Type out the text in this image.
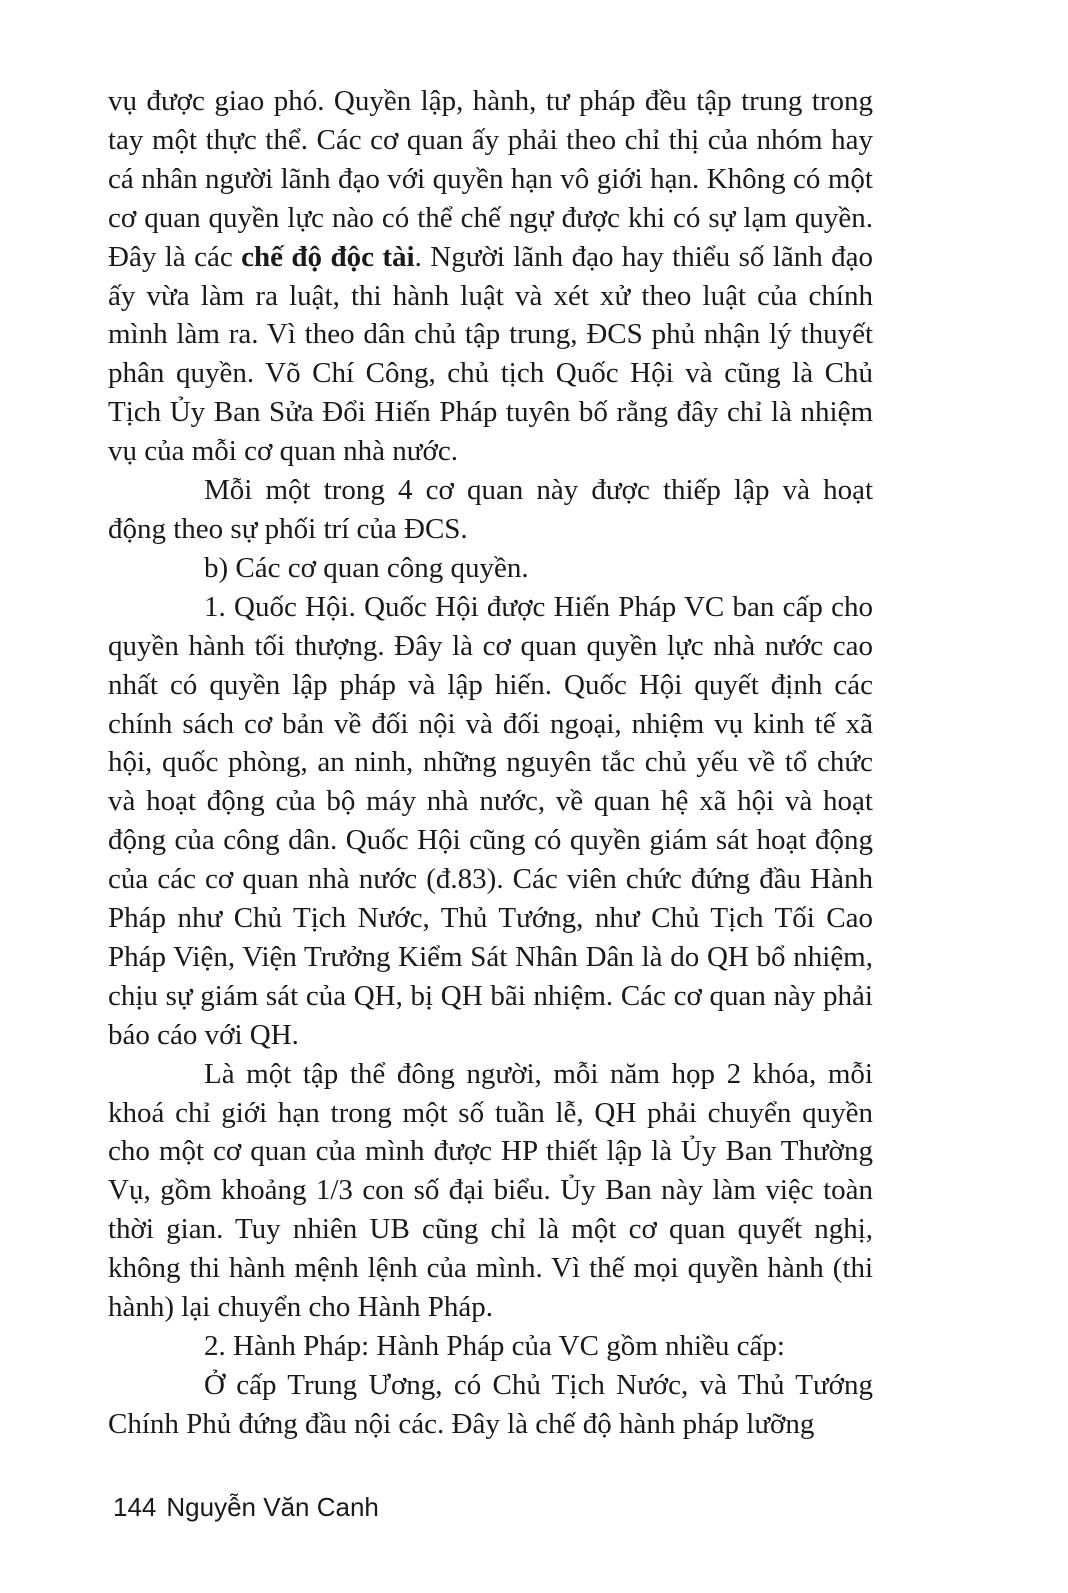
vụ được giao phó. Quyền lập, hành, tư pháp đều tập trung trong tay một thực thể. Các cơ quan ấy phải theo chỉ thị của nhóm hay cá nhân người lãnh đạo với quyền hạn vô giới hạn. Không có một cơ quan quyền lực nào có thể chế ngự được khi có sự lạm quyền. Đây là các chế độ độc tài. Người lãnh đạo hay thiểu số lãnh đạo ấy vừa làm ra luật, thi hành luật và xét xử theo luật của chính mình làm ra. Vì theo dân chủ tập trung, ĐCS phủ nhận lý thuyết phân quyền. Võ Chí Công, chủ tịch Quốc Hội và cũng là Chủ Tịch Ủy Ban Sửa Đổi Hiến Pháp tuyên bố rằng đây chỉ là nhiệm vụ của mỗi cơ quan nhà nước.

Mỗi một trong 4 cơ quan này được thiếp lập và hoạt động theo sự phối trí của ĐCS.

b) Các cơ quan công quyền.

1. Quốc Hội. Quốc Hội được Hiến Pháp VC ban cấp cho quyền hành tối thượng. Đây là cơ quan quyền lực nhà nước cao nhất có quyền lập pháp và lập hiến. Quốc Hội quyết định các chính sách cơ bản về đối nội và đối ngoại, nhiệm vụ kinh tế xã hội, quốc phòng, an ninh, những nguyên tắc chủ yếu về tổ chức và hoạt động của bộ máy nhà nước, về quan hệ xã hội và hoạt động của công dân. Quốc Hội cũng có quyền giám sát hoạt động của các cơ quan nhà nước (đ.83). Các viên chức đứng đầu Hành Pháp như Chủ Tịch Nước, Thủ Tướng, như Chủ Tịch Tối Cao Pháp Viện, Viện Trưởng Kiểm Sát Nhân Dân là do QH bổ nhiệm, chịu sự giám sát của QH, bị QH bãi nhiệm. Các cơ quan này phải báo cáo với QH.

Là một tập thể đông người, mỗi năm họp 2 khóa, mỗi khoá chỉ giới hạn trong một số tuần lễ, QH phải chuyển quyền cho một cơ quan của mình được HP thiết lập là Ủy Ban Thường Vụ, gồm khoảng 1/3 con số đại biểu. Ủy Ban này làm việc toàn thời gian. Tuy nhiên UB cũng chỉ là một cơ quan quyết nghị, không thi hành mệnh lệnh của mình. Vì thế mọi quyền hành (thi hành) lại chuyển cho Hành Pháp.

2. Hành Pháp: Hành Pháp của VC gồm nhiều cấp:

Ở cấp Trung Ương, có Chủ Tịch Nước, và Thủ Tướng Chính Phủ đứng đầu nội các. Đây là chế độ hành pháp lưỡng

144 Nguyễn Văn Canh
